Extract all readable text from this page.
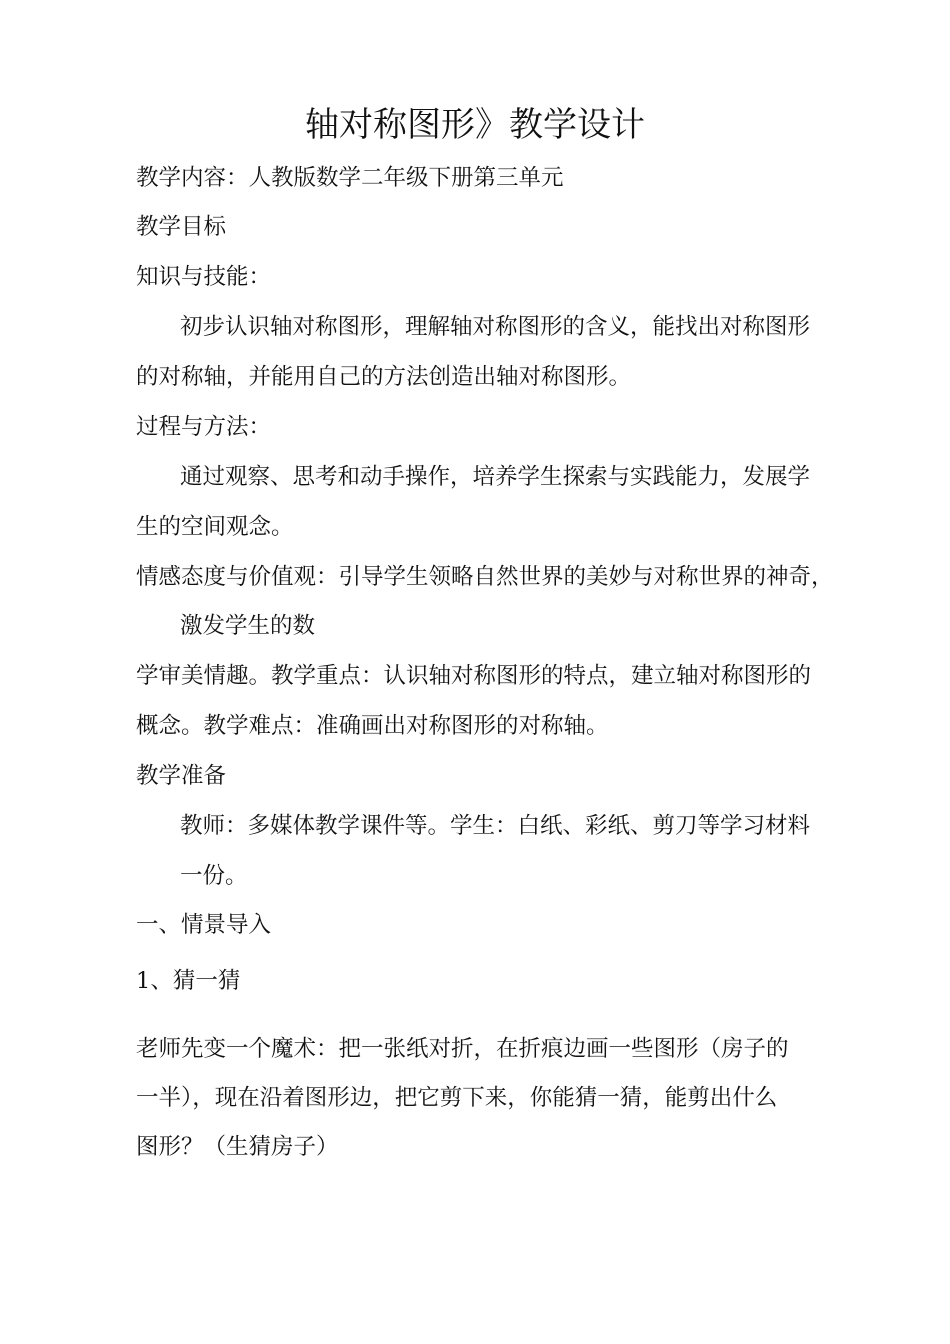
轴对称图形》教学设计
教学内容：人教版数学二年级下册第三单元
教学目标
知识与技能：
初步认识轴对称图形，理解轴对称图形的含义，能找出对称图形
的对称轴，并能用自己的方法创造出轴对称图形。
过程与方法：
通过观察、思考和动手操作，培养学生探索与实践能力，发展学
生的空间观念。
情感态度与价值观：引导学生领略自然世界的美妙与对称世界的神奇，
激发学生的数
学审美情趣。教学重点：认识轴对称图形的特点，建立轴对称图形的
概念。教学难点：准确画出对称图形的对称轴。
教学准备
教师：多媒体教学课件等。学生：白纸、彩纸、剪刀等学习材料
一份。
一、情景导入
1、猜一猜
老师先变一个魔术：把一张纸对折，在折痕边画一些图形（房子的
一半），现在沿着图形边，把它剪下来，你能猜一猜，能剪出什么
图形？（生猜房子）
